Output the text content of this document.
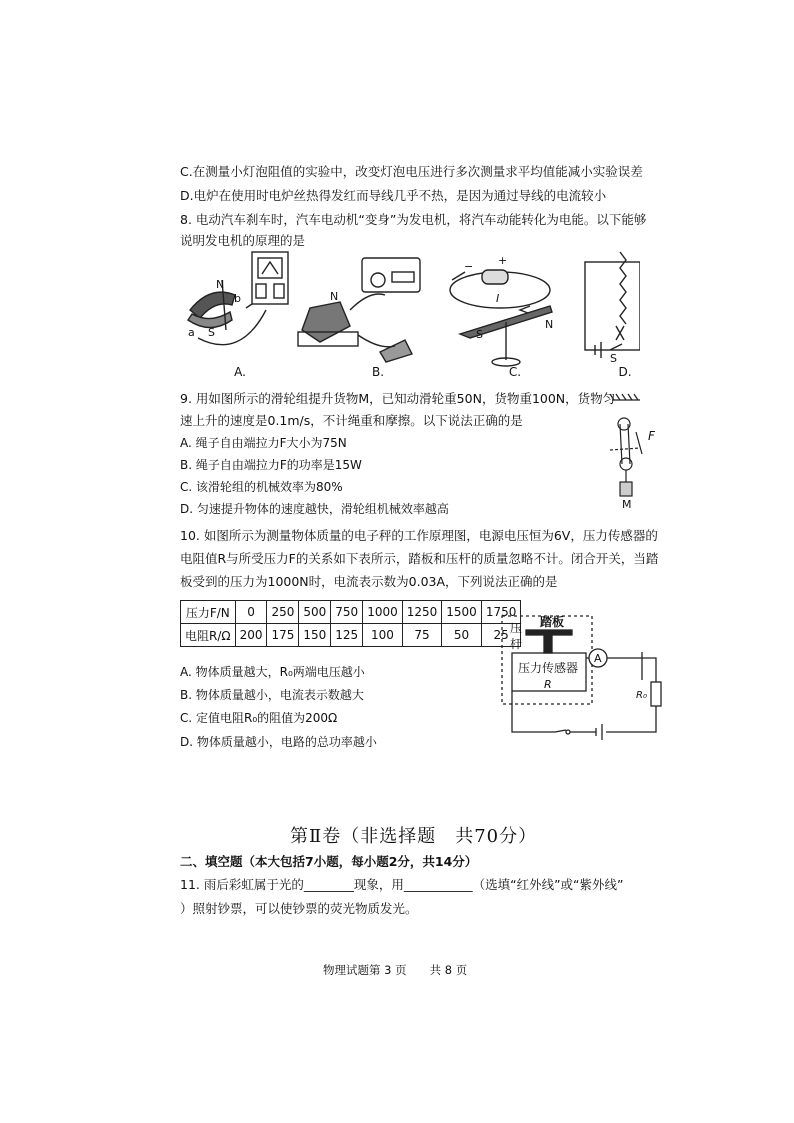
C.在测量小灯泡阻值的实验中，改变灯泡电压进行多次测量求平均值能减小实验误差
D.电炉在使用时电炉丝热得发红而导线几乎不热，是因为通过导线的电流较小
8. 电动汽车刹车时，汽车电动机“变身”为发电机，将汽车动能转化为电能。以下能够
说明发电机的原理的是
N
S
a
b	N
− +
I
N
S
S
A.	B.	C.	D.
9. 用如图所示的滑轮组提升货物M，已知动滑轮重50N，货物重100N，货物匀
速上升的速度是0.1m/s，不计绳重和摩擦。以下说法正确的是
A. 绳子自由端拉力F大小为75N
B. 绳子自由端拉力F的功率是15W
C. 该滑轮组的机械效率为80%
D. 匀速提升物体的速度越快，滑轮组机械效率越高
F
M
10. 如图所示为测量物体质量的电子秤的工作原理图，电源电压恒为6V，压力传感器的
电阻值R与所受压力F的关系如下表所示，踏板和压杆的质量忽略不计。闭合开关，当踏
板受到的压力为1000N时，电流表示数为0.03A，下列说法正确的是
压力F/N	0	250	500	750	1000	1250	1500	1750
电阻R/Ω	200	175	150	125	100	75	50	25
A. 物体质量越大，R₀两端电压越小
B. 物体质量越小，电流表示数越大
C. 定值电阻R₀的阻值为200Ω
D. 物体质量越小，电路的总功率越小
压
杆
踏板
压力传感器
R
A
R₀
第Ⅱ卷（非选择题　共70分）
二、填空题（本大包括7小题，每小题2分，共14分）
11. 雨后彩虹属于光的________现象，用___________（选填“红外线”或“紫外线”
）照射钞票，可以使钞票的荧光物质发光。
物理试题第 3 页　　共 8 页
